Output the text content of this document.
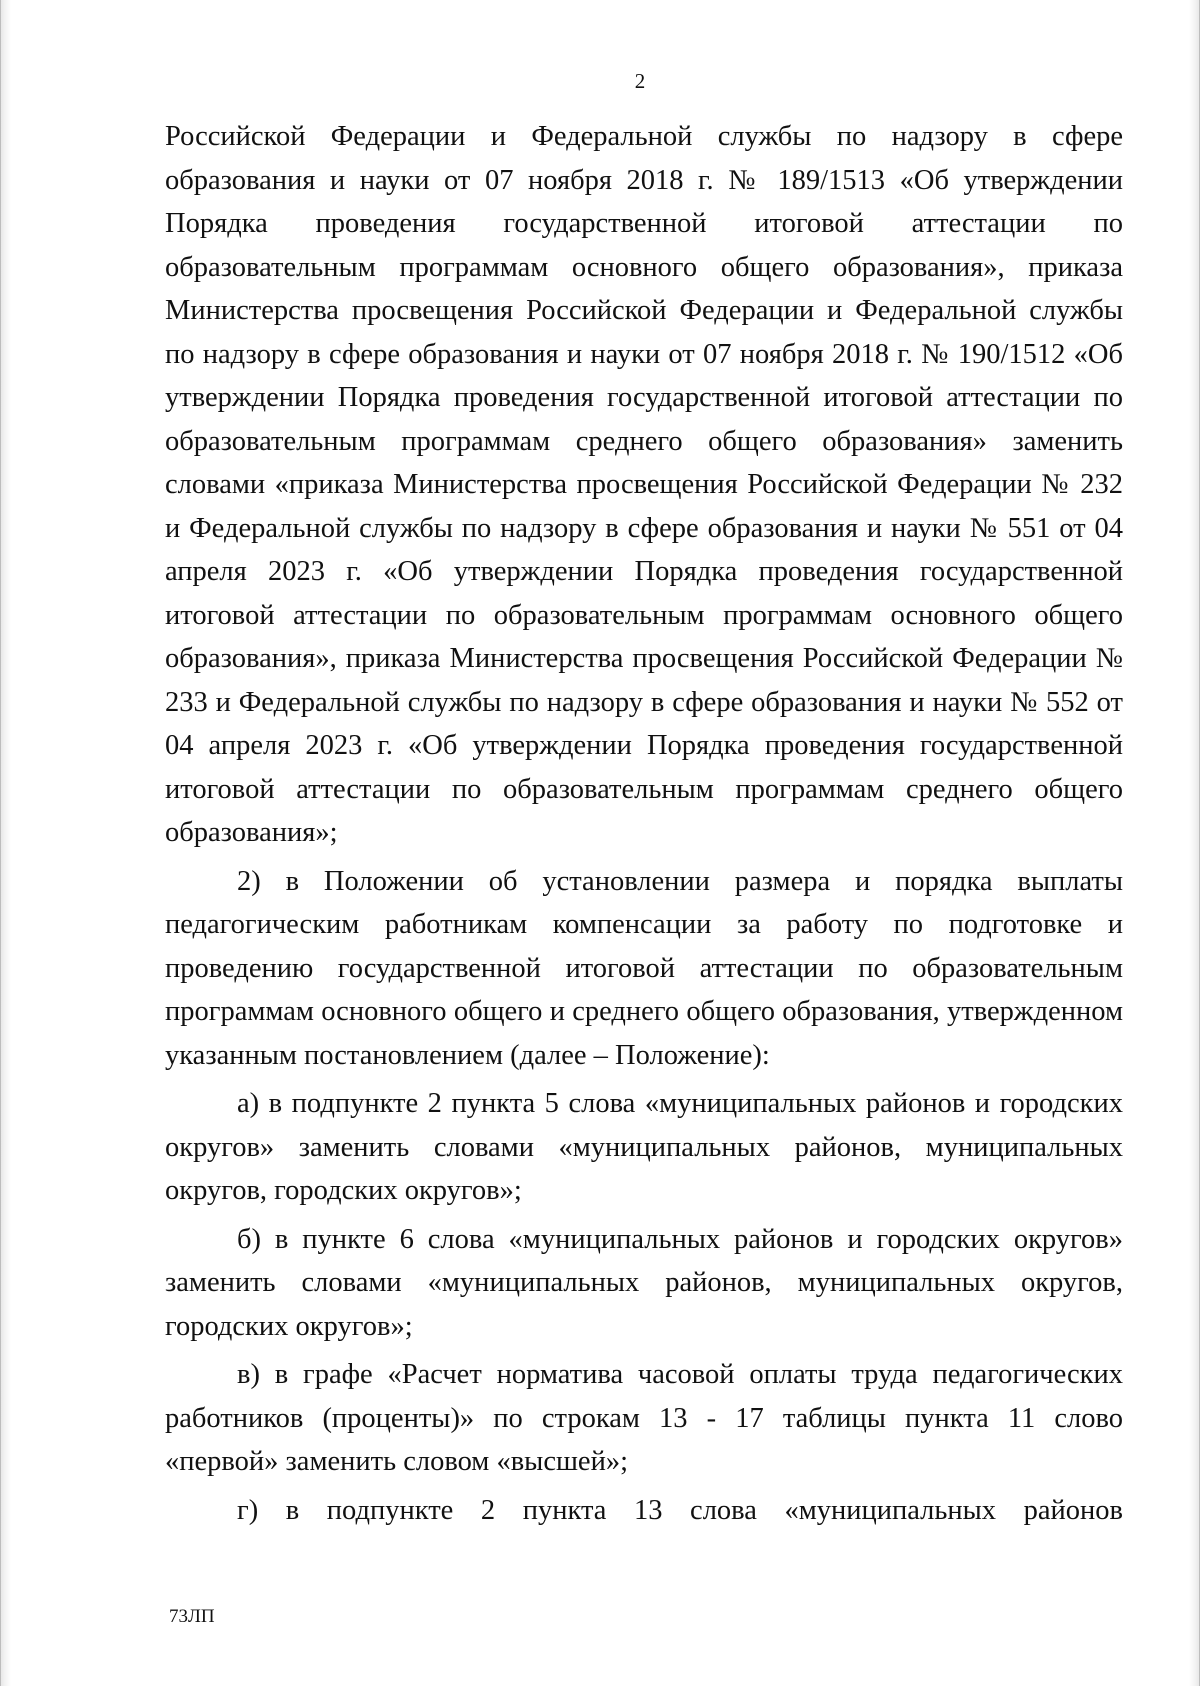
2

Российской Федерации и Федеральной службы по надзору в сфере образования и науки от 07 ноября 2018 г. № 189/1513 «Об утверждении Порядка проведения государственной итоговой аттестации по образовательным программам основного общего образования», приказа Министерства просвещения Российской Федерации и Федеральной службы по надзору в сфере образования и науки от 07 ноября 2018 г. № 190/1512 «Об утверждении Порядка проведения государственной итоговой аттестации по образовательным программам среднего общего образования» заменить словами «приказа Министерства просвещения Российской Федерации № 232 и Федеральной службы по надзору в сфере образования и науки № 551 от 04 апреля 2023 г. «Об утверждении Порядка проведения государственной итоговой аттестации по образовательным программам основного общего образования», приказа Министерства просвещения Российской Федерации № 233 и Федеральной службы по надзору в сфере образования и науки № 552 от 04 апреля 2023 г. «Об утверждении Порядка проведения государственной итоговой аттестации по образовательным программам среднего общего образования»;

2) в Положении об установлении размера и порядка выплаты педагогическим работникам компенсации за работу по подготовке и проведению государственной итоговой аттестации по образовательным программам основного общего и среднего общего образования, утвержденном указанным постановлением (далее – Положение):

а) в подпункте 2 пункта 5 слова «муниципальных районов и городских округов» заменить словами «муниципальных районов, муниципальных округов, городских округов»;

б) в пункте 6 слова «муниципальных районов и городских округов» заменить словами «муниципальных районов, муниципальных округов, городских округов»;

в) в графе «Расчет норматива часовой оплаты труда педагогических работников (проценты)» по строкам 13 - 17 таблицы пункта 11 слово «первой» заменить словом «высшей»;

г) в подпункте 2 пункта 13 слова «муниципальных районов

73ЛП
